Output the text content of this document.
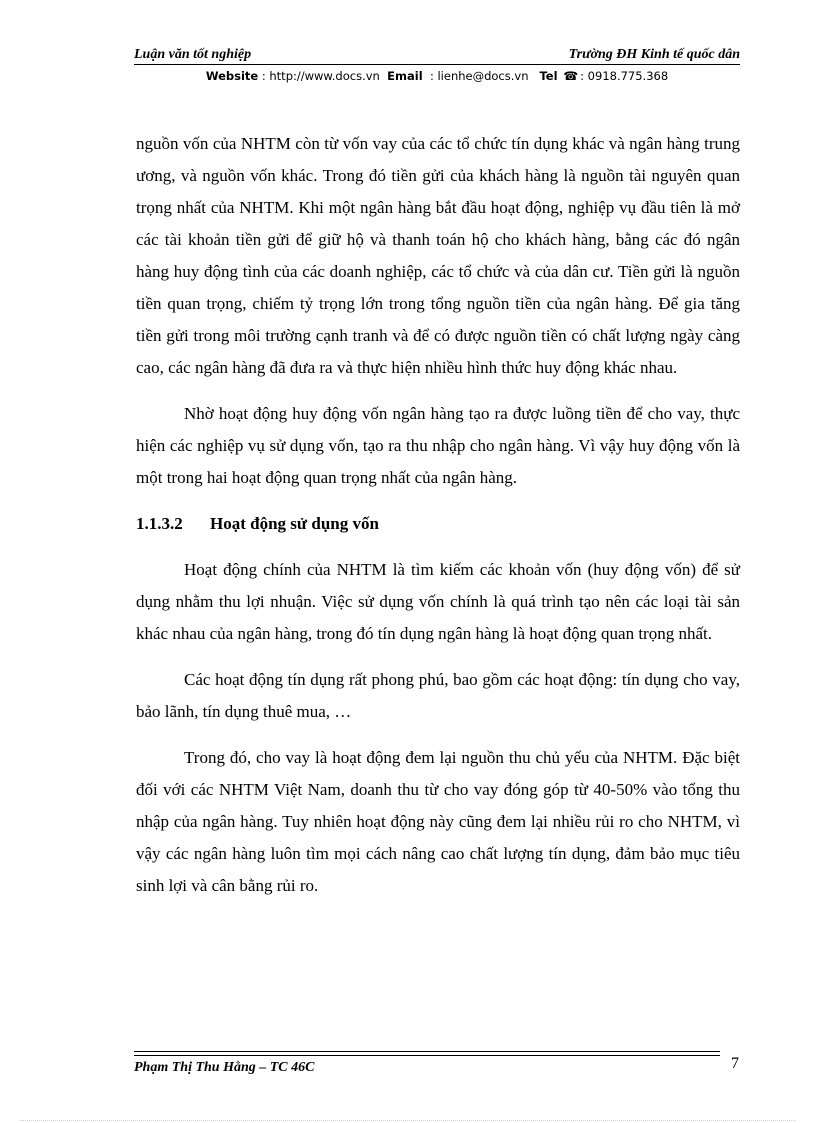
Luận văn tốt nghiệp	Trường ĐH Kinh tế quốc dân
Website : http://www.docs.vn Email : lienhe@docs.vn Tel ☎ : 0918.775.368

nguồn vốn của NHTM còn từ vốn vay của các tổ chức tín dụng khác và ngân hàng trung ương, và nguồn vốn khác. Trong đó tiền gửi của khách hàng là nguồn tài nguyên quan trọng nhất của NHTM. Khi một ngân hàng bắt đầu hoạt động, nghiệp vụ đầu tiên là mở các tài khoản tiền gửi để giữ hộ và thanh toán hộ cho khách hàng, bằng các đó ngân hàng huy động tình của các doanh nghiệp, các tổ chức và của dân cư. Tiền gửi là nguồn tiền quan trọng, chiếm tỷ trọng lớn trong tổng nguồn tiền của ngân hàng. Để gia tăng tiền gửi trong môi trường cạnh tranh và để có được nguồn tiền có chất lượng ngày càng cao, các ngân hàng đã đưa ra và thực hiện nhiều hình thức huy động khác nhau.

Nhờ hoạt động huy động vốn ngân hàng tạo ra được luồng tiền để cho vay, thực hiện các nghiệp vụ sử dụng vốn, tạo ra thu nhập cho ngân hàng. Vì vậy huy động vốn là một trong hai hoạt động quan trọng nhất của ngân hàng.

1.1.3.2	Hoạt động sử dụng vốn

Hoạt động chính của NHTM là tìm kiếm các khoản vốn (huy động vốn) để sử dụng nhằm thu lợi nhuận. Việc sử dụng vốn chính là quá trình tạo nên các loại tài sản khác nhau của ngân hàng, trong đó tín dụng ngân hàng là hoạt động quan trọng nhất.

Các hoạt động tín dụng rất phong phú, bao gồm các hoạt động: tín dụng cho vay, bảo lãnh, tín dụng thuê mua, …

Trong đó, cho vay là hoạt động đem lại nguồn thu chủ yếu của NHTM. Đặc biệt đối với các NHTM Việt Nam, doanh thu từ cho vay đóng góp từ 40-50% vào tổng thu nhập của ngân hàng. Tuy nhiên hoạt động này cũng đem lại nhiều rủi ro cho NHTM, vì vậy các ngân hàng luôn tìm mọi cách nâng cao chất lượng tín dụng, đảm bảo mục tiêu sinh lợi và cân bằng rủi ro.

Phạm Thị Thu Hằng – TC 46C	7
